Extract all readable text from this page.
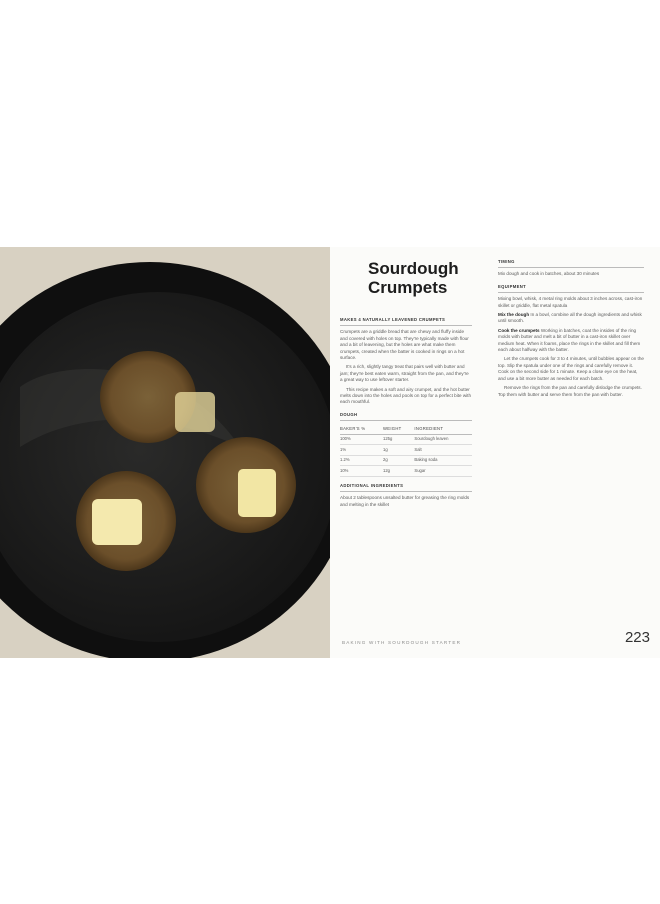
Sourdough
Crumpets
MAKES 4 NATURALLY LEAVENED CRUMPETS

Crumpets are a griddle bread that are chewy and fluffy inside and covered with holes on top. They're typically made with flour and a bit of leavening, but the holes are what make them crumpets, created when the batter is cooked in rings on a hot surface.

It's a rich, slightly tangy treat that pairs well with butter and jam; they're best eaten warm, straight from the pan, and they're a great way to use leftover starter.

This recipe makes a soft and airy crumpet, and the hot butter melts down into the holes and pools on top for a perfect bite with each mouthful.

DOUGH
BAKER'S %	WEIGHT	INGREDIENT
100%	125g	Sourdough leaven
1%	1g	Salt
1.2%	2g	Baking soda
10%	12g	Sugar
ADDITIONAL INGREDIENTS

About 2 tablespoons unsalted butter for greasing the ring molds and melting in the skillet

TIMING

Mix dough and cook in batches, about 30 minutes

EQUIPMENT

Mixing bowl, whisk, 4 metal ring molds about 3 inches across, cast-iron skillet or griddle, flat metal spatula

Mix the dough In a bowl, combine all the dough ingredients and whisk until smooth.

Cook the crumpets Working in batches, coat the insides of the ring molds with butter and melt a bit of butter in a cast-iron skillet over medium heat. When it foams, place the rings in the skillet and fill them each about halfway with the batter.

Let the crumpets cook for 3 to 4 minutes, until bubbles appear on the top. Slip the spatula under one of the rings and carefully remove it. Cook on the second side for 1 minute. Keep a close eye on the heat, and use a bit more butter as needed for each batch.

Remove the rings from the pan and carefully dislodge the crumpets. Top them with butter and serve them from the pan with butter.

BAKING WITH SOURDOUGH STARTER	223
